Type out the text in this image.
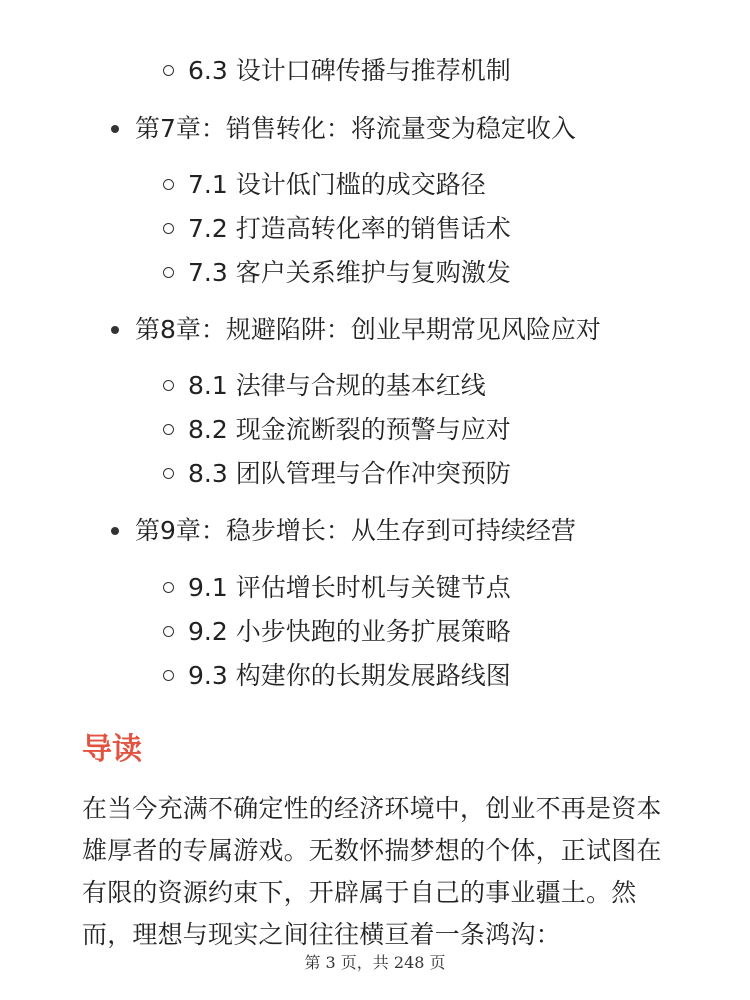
6.3 设计口碑传播与推荐机制
第7章：销售转化：将流量变为稳定收入
7.1 设计低门槛的成交路径
7.2 打造高转化率的销售话术
7.3 客户关系维护与复购激发
第8章：规避陷阱：创业早期常见风险应对
8.1 法律与合规的基本红线
8.2 现金流断裂的预警与应对
8.3 团队管理与合作冲突预防
第9章：稳步增长：从生存到可持续经营
9.1 评估增长时机与关键节点
9.2 小步快跑的业务扩展策略
9.3 构建你的长期发展路线图
导读

在当今充满不确定性的经济环境中，创业不再是资本雄厚者的专属游戏。无数怀揣梦想的个体，正试图在有限的资源约束下，开辟属于自己的事业疆土。然而，理想与现实之间往往横亘着一条鸿沟：

第 3 页，共 248 页
